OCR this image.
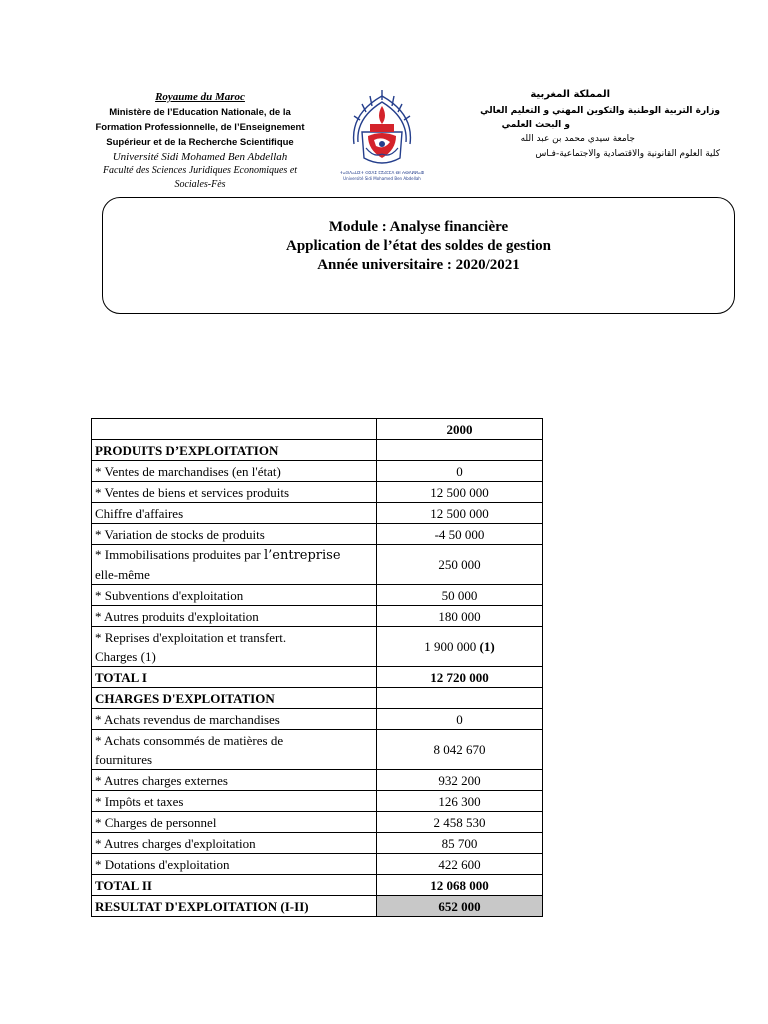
Royaume du Maroc
Ministère de l’Education Nationale, de la
Formation Professionnelle, de l’Enseignement
Supérieur et de la Recherche Scientifique
Université Sidi Mohamed Ben Abdellah
Faculté des Sciences Juridiques Economiques et
Sociales-Fès
ⵜⴰⵙⴷⴰⵡⵉⵜ ⵙⵉⴷⵉ ⵎⵓⵃⵎⵎⴷ ⴱⵏ ⵄⴱⴷⵍⵍⴰⵀ
Université Sidi Mohamed Ben Abdellah
المملكة المغربية
وزارة التربية الوطنية والتكوين المهني و التعليم العالي
و البحث العلمي
جامعة سيدي محمد بن عبد الله
كلية العلوم القانونية والاقتصادية والاجتماعية-فـاس
Module : Analyse financière
Application de l’état des soldes de gestion
Année universitaire : 2020/2021
	2000
PRODUITS D’EXPLOITATION	
* Ventes de marchandises (en l'état)	0
* Ventes de biens et services produits	12 500 000
Chiffre d'affaires	12 500 000
* Variation de stocks de produits	-4 50 000
* Immobilisations produites par l’entreprise
elle-même	250 000
* Subventions d'exploitation	50 000
* Autres produits d'exploitation	180 000
* Reprises d'exploitation et transfert.
Charges (1)	1 900 000 (1)
TOTAL I	12 720 000
CHARGES D'EXPLOITATION	
* Achats revendus de marchandises	0
* Achats consommés de matières de
fournitures	8 042 670
* Autres charges externes	932 200
* Impôts et taxes	126 300
* Charges de personnel	2 458 530
* Autres charges d'exploitation	85 700
* Dotations d'exploitation	422 600
TOTAL II	12 068 000
RESULTAT D'EXPLOITATION (I-II)	652 000
